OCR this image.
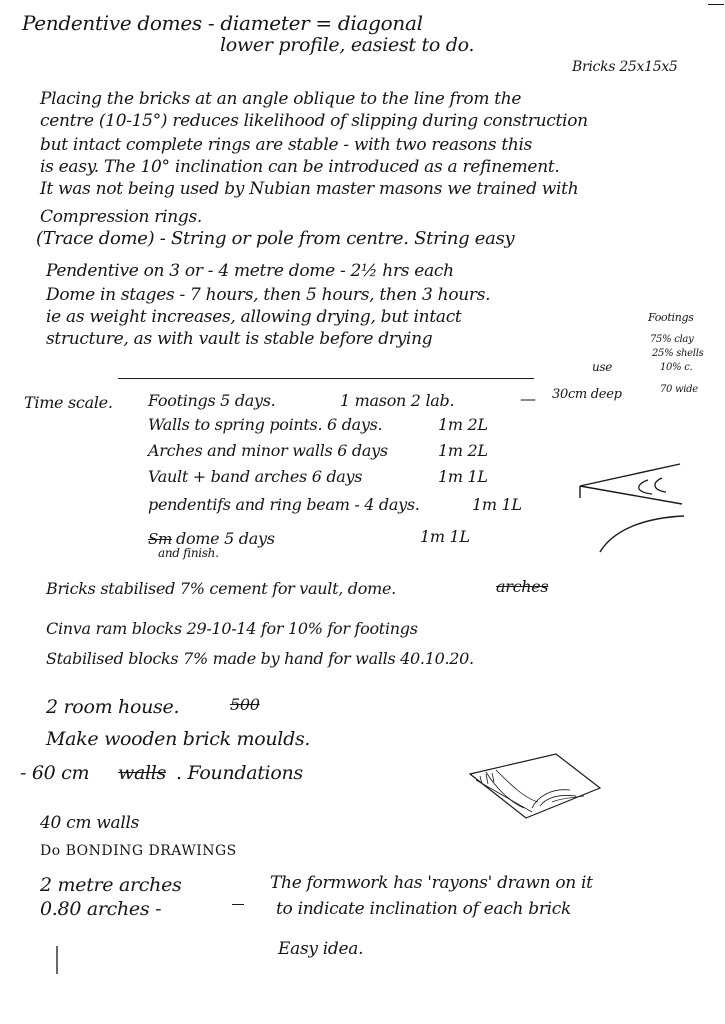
Pendentive domes - diameter = diagonal
lower profile, easiest to do.
Bricks 25x15x5
Placing the bricks at an angle oblique to the line from the
centre (10-15°) reduces likelihood of slipping during construction
but intact complete rings are stable - with two reasons this
is easy. The 10° inclination can be introduced as a refinement.
It was not being used by Nubian master masons we trained with
Compression rings.
(Trace dome) - String or pole from centre. String easy
Pendentive on 3 or - 4 metre dome - 2½ hrs each
Dome in stages - 7 hours, then 5 hours, then 3 hours.
ie as weight increases, allowing drying, but intact
structure, as with vault is stable before drying
Footings
use
75% clay
25% shells
10% c.
30cm deep	70 wide
Time scale. Footings 5 days.	1 mason 2 lab.	—
Walls to spring points. 6 days.	1m 2L
Arches and minor walls 6 days	1m 2L
Vault + band arches 6 days	1m 1L
pendentifs and ring beam - 4 days.	1m 1L
Sm dome 5 days	1m 1L
and finish.
Bricks stabilised 7% cement for vault, dome.	arches
Cinva ram blocks 29-10-14 for 10% for footings
Stabilised blocks 7% made by hand for walls 40.10.20.
2 room house.	500
Make wooden brick moulds.
- 60 cm walls . Foundations
40 cm walls
Do BONDING DRAWINGS
2 metre arches
0.80 arches -
The formwork has 'rayons' drawn on it
to indicate inclination of each brick
Easy idea.
